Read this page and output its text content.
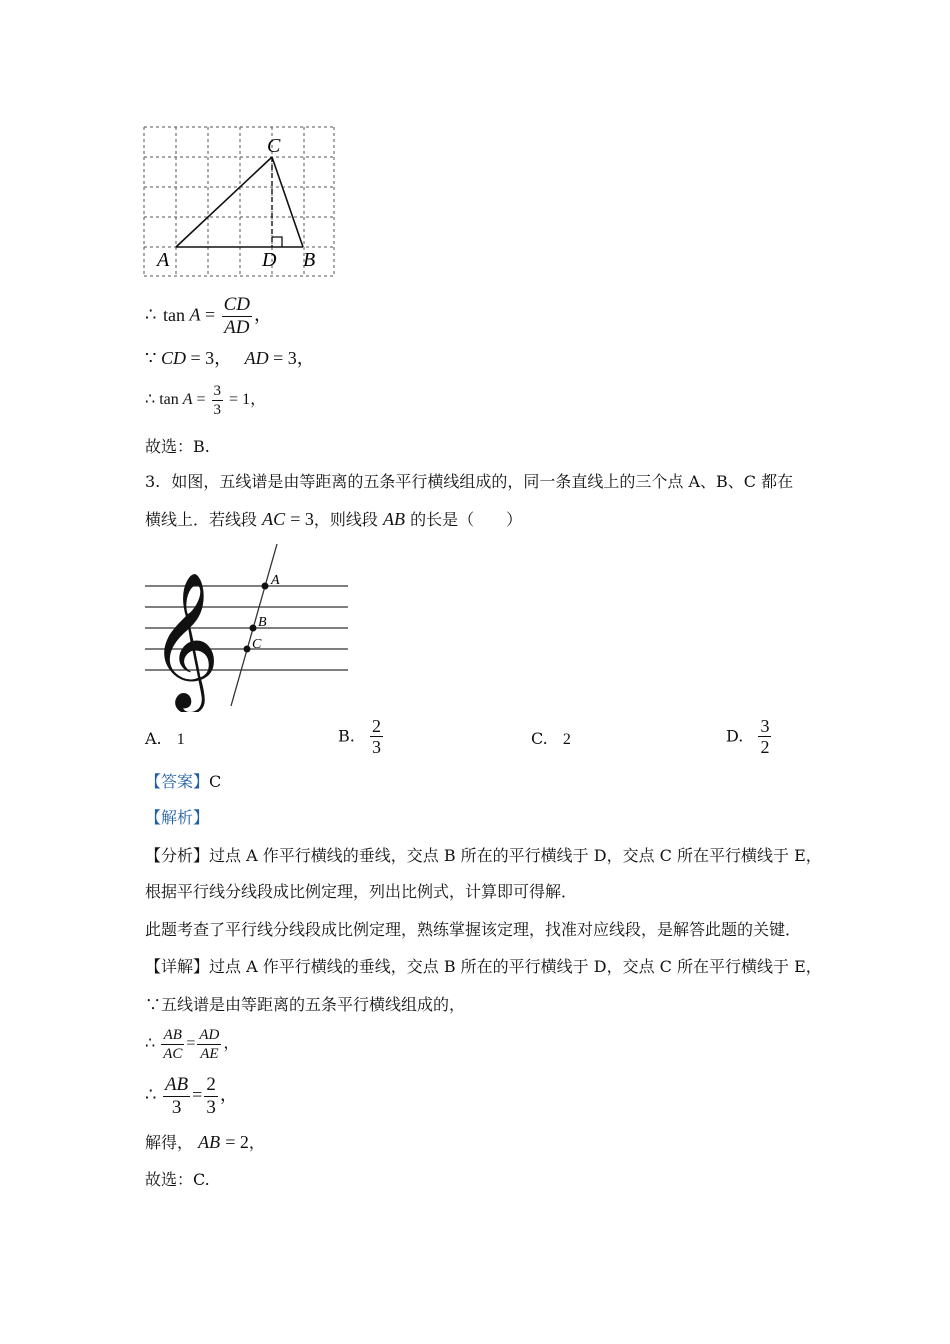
C
A	D B
∴ $\tan A = \frac{CD}{AD}$ ，
∵ CD = 3， AD = 3，
∴ $\tan A = \frac{3}{3} = 1$，
故选：B.
3. 如图，五线谱是由等距离的五条平行横线组成的，同一条直线上的三个点 A、B、C 都在
横线上．若线段 AC = 3，则线段 AB 的长是（　　）
𝄞	A
B
C
A. 1	B. $\frac{2}{3}$	C. 2	D. $\frac{3}{2}$
【答案】C
【解析】
【分析】过点 A 作平行横线的垂线，交点 B 所在的平行横线于 D，交点 C 所在平行横线于 E，
根据平行线分线段成比例定理，列出比例式，计算即可得解．
此题考查了平行线分线段成比例定理，熟练掌握该定理，找准对应线段，是解答此题的关键．
【详解】过点 A 作平行横线的垂线，交点 B 所在的平行横线于 D，交点 C 所在平行横线于 E，
∵五线谱是由等距离的五条平行横线组成的，
∴ $\frac{AB}{AC} = \frac{AD}{AE}$ ，
∴ $\frac{AB}{3} = \frac{2}{3}$ ，
解得， AB = 2，
故选：C.
